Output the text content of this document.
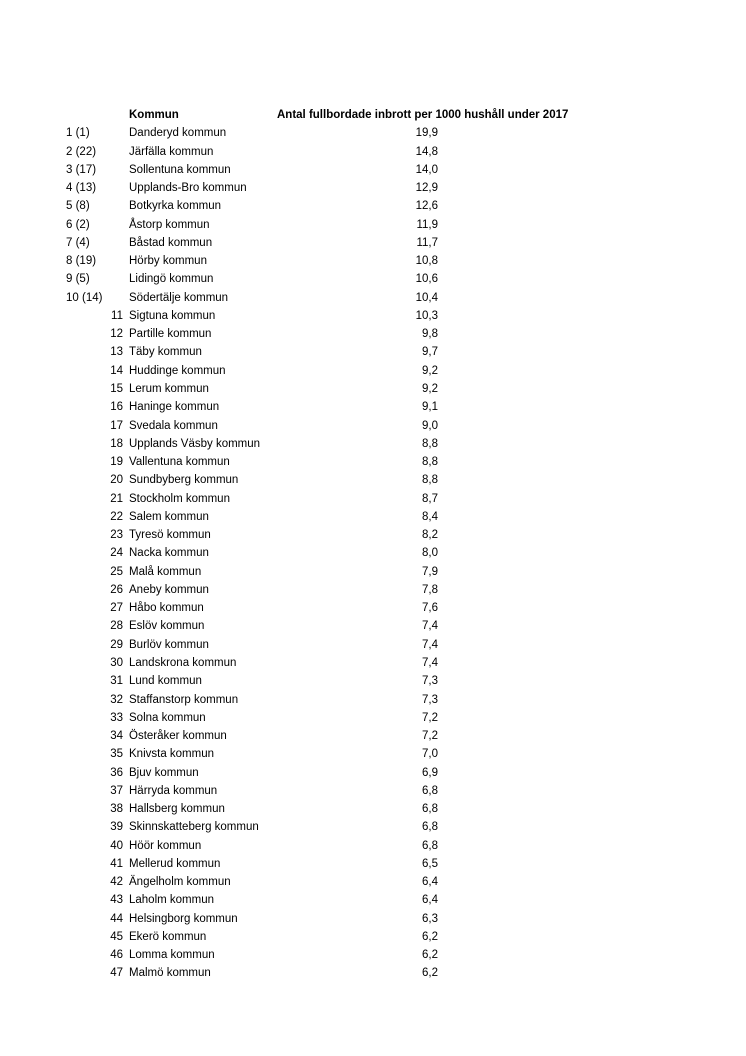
Kommun	Antal fullbordade inbrott per 1000 hushåll under 2017
1 (1)	Danderyd kommun	19,9
2 (22)	Järfälla kommun	14,8
3 (17)	Sollentuna kommun	14,0
4 (13)	Upplands-Bro kommun	12,9
5 (8)	Botkyrka kommun	12,6
6 (2)	Åstorp kommun	11,9
7 (4)	Båstad kommun	11,7
8 (19)	Hörby kommun	10,8
9 (5)	Lidingö kommun	10,6
10 (14) Södertälje kommun	10,4
11 Sigtuna kommun	10,3
12 Partille kommun	9,8
13 Täby kommun	9,7
14 Huddinge kommun	9,2
15 Lerum kommun	9,2
16 Haninge kommun	9,1
17 Svedala kommun	9,0
18 Upplands Väsby kommun	8,8
19 Vallentuna kommun	8,8
20 Sundbyberg kommun	8,8
21 Stockholm kommun	8,7
22 Salem kommun	8,4
23 Tyresö kommun	8,2
24 Nacka kommun	8,0
25 Malå kommun	7,9
26 Aneby kommun	7,8
27 Håbo kommun	7,6
28 Eslöv kommun	7,4
29 Burlöv kommun	7,4
30 Landskrona kommun	7,4
31 Lund kommun	7,3
32 Staffanstorp kommun	7,3
33 Solna kommun	7,2
34 Österåker kommun	7,2
35 Knivsta kommun	7,0
36 Bjuv kommun	6,9
37 Härryda kommun	6,8
38 Hallsberg kommun	6,8
39 Skinnskatteberg kommun	6,8
40 Höör kommun	6,8
41 Mellerud kommun	6,5
42 Ängelholm kommun	6,4
43 Laholm kommun	6,4
44 Helsingborg kommun	6,3
45 Ekerö kommun	6,2
46 Lomma kommun	6,2
47 Malmö kommun	6,2
